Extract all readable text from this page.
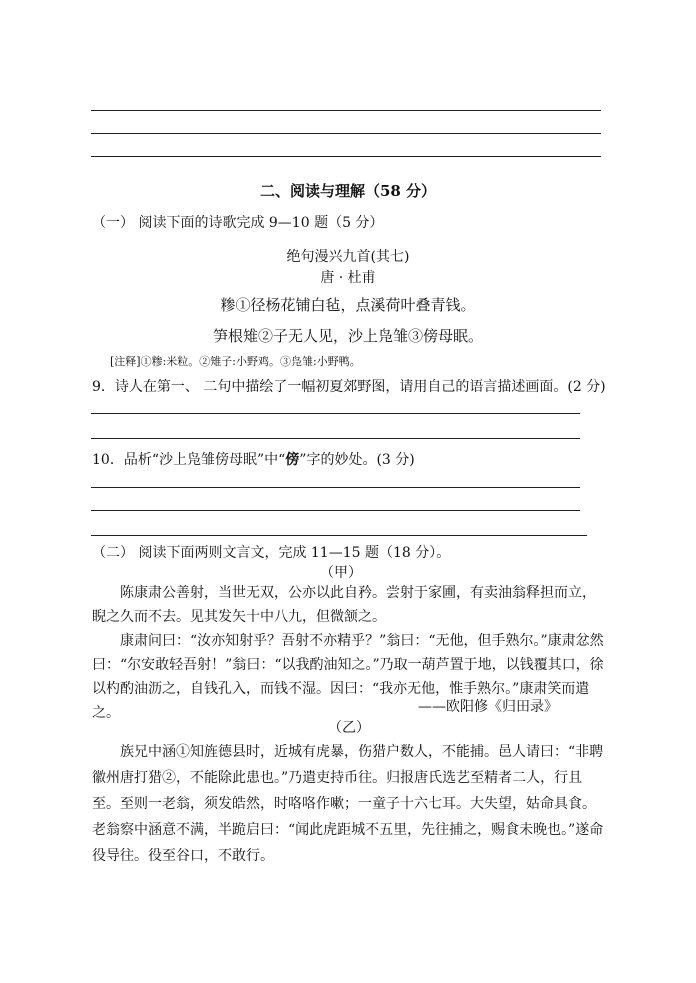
二、阅读与理解（58 分）
（一） 阅读下面的诗歌完成 9—10 题（5 分）
绝句漫兴九首(其七)
唐 · 杜甫
糁①径杨花铺白毡，点溪荷叶叠青钱。
笋根雉②子无人见，沙上凫雏③傍母眠。
[注释]①糁:米粒。②雉子:小野鸡。③凫雏:小野鸭。
9．诗人在第一、 二句中描绘了一幅初夏郊野图，请用自己的语言描述画面。(2 分)
10．品析“沙上凫雏傍母眠”中“傍”字的妙处。(3 分)
（二） 阅读下面两则文言文，完成 11—15 题（18 分）。
（甲）
陈康肃公善射，当世无双，公亦以此自矜。尝射于家圃，有卖油翁释担而立，睨之久而不去。见其发矢十中八九，但微颔之。
康肃问曰：“汝亦知射乎？吾射不亦精乎？”翁曰：“无他，但手熟尔。”康肃忿然曰：“尔安敢轻吾射！”翁曰：“以我酌油知之。”乃取一葫芦置于地，以钱覆其口，徐以杓酌油沥之，自钱孔入，而钱不湿。因曰：“我亦无他，惟手熟尔。”康肃笑而遣之。	——欧阳修《归田录》
（乙）
族兄中涵①知旌德县时，近城有虎暴，伤猎户数人，不能捕。邑人请曰：“非聘徽州唐打猎②，不能除此患也。”乃遣吏持币往。归报唐氏选艺至精者二人，行且至。至则一老翁，须发皓然，时咯咯作嗽；一童子十六七耳。大失望，姑命具食。老翁察中涵意不满，半跪启曰：“闻此虎距城不五里，先往捕之，赐食未晚也。”遂命役导往。役至谷口，不敢行。
